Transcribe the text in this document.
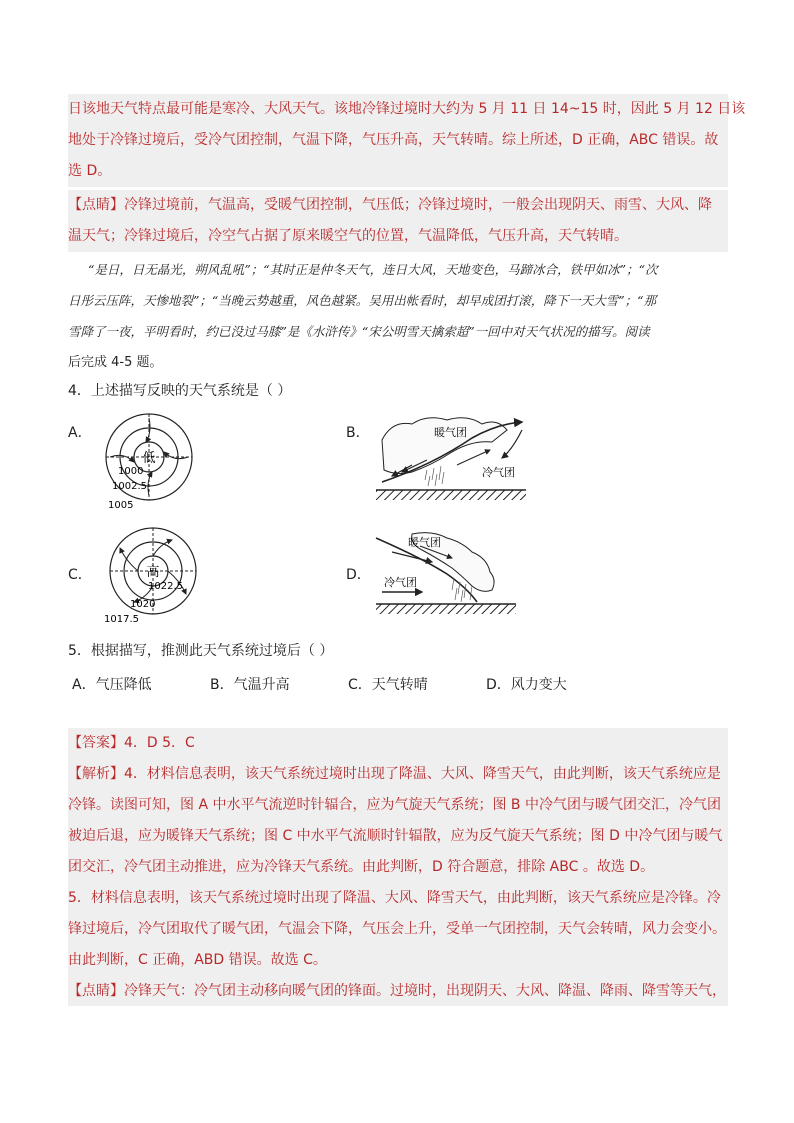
日该地天气特点最可能是寒冷、大风天气。该地冷锋过境时大约为 5 月 11 日 14~15 时，因此 5 月 12 日该
地处于冷锋过境后，受冷气团控制，气温下降，气压升高，天气转晴。综上所述，D 正确，ABC 错误。故
选 D。
【点睛】冷锋过境前，气温高，受暖气团控制，气压低；冷锋过境时，一般会出现阴天、雨雪、大风、降
温天气；冷锋过境后，冷空气占据了原来暖空气的位置，气温降低，气压升高，天气转晴。
“是日，日无晶光，朔风乱吼”；“其时正是仲冬天气，连日大风，天地变色，马蹄冰合，铁甲如冰”；“次
日彤云压阵，天惨地裂”；“当晚云势越重，风色越紧。吴用出帐看时，却早成团打滚，降下一天大雪”；“那
雪降了一夜，平明看时，约已没过马膝”是《水浒传》“宋公明雪天擒索超”一回中对天气状况的描写。阅读
后完成 4-5 题。
4．上述描写反映的天气系统是（ ）
A．	B．
C．	D．
低
1000
1002.5
1005
暖气团
冷气团
高
1022.5
1020
1017.5
暖气团
冷气团
5．根据描写，推测此天气系统过境后（ ）
A．气压降低	B．气温升高	C．天气转晴	D．风力变大
【答案】4．D 5．C
【解析】4．材料信息表明，该天气系统过境时出现了降温、大风、降雪天气，由此判断，该天气系统应是
冷锋。读图可知，图 A 中水平气流逆时针辐合，应为气旋天气系统；图 B 中冷气团与暖气团交汇，冷气团
被迫后退，应为暖锋天气系统；图 C 中水平气流顺时针辐散，应为反气旋天气系统；图 D 中冷气团与暖气
团交汇，冷气团主动推进，应为冷锋天气系统。由此判断，D 符合题意，排除 ABC 。故选 D。
5．材料信息表明，该天气系统过境时出现了降温、大风、降雪天气，由此判断，该天气系统应是冷锋。冷
锋过境后，冷气团取代了暖气团，气温会下降，气压会上升，受单一气团控制，天气会转晴，风力会变小。
由此判断，C 正确，ABD 错误。故选 C。
【点睛】冷锋天气：冷气团主动移向暖气团的锋面。过境时，出现阴天、大风、降温、降雨、降雪等天气，
